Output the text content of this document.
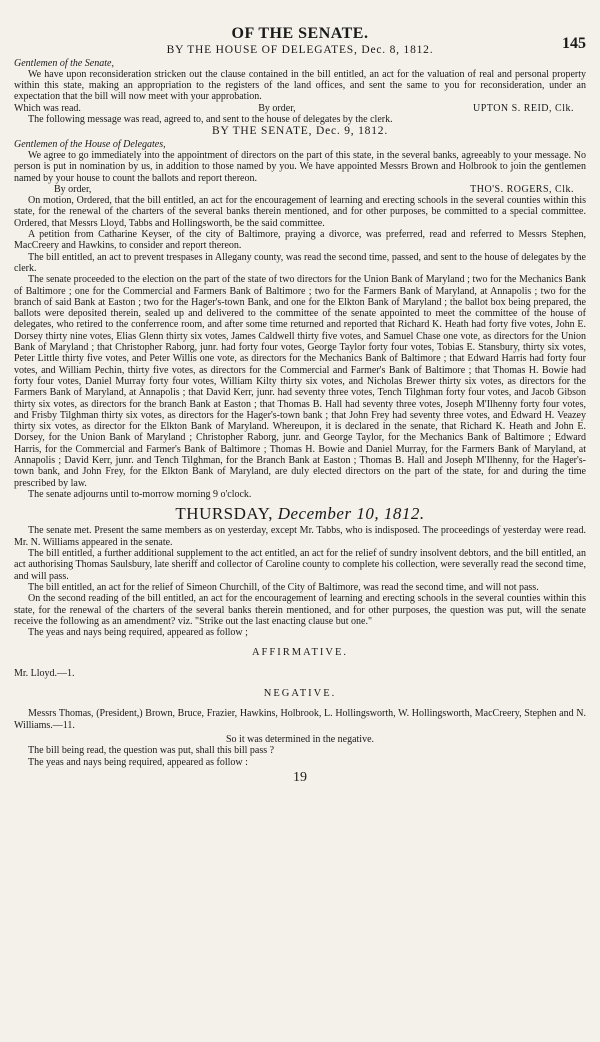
OF THE SENATE.
145
BY THE HOUSE OF DELEGATES, Dec. 8, 1812.
Gentlemen of the Senate,

We have upon reconsideration stricken out the clause contained in the bill entitled, an act for the valuation of real and personal property within this state, making an appropriation to the registers of the land offices, and sent the same to you for reconsideration, under an expectation that the bill will now meet with your approbation.

Which was read.	By order,	UPTON S. REID, Clk.

The following message was read, agreed to, and sent to the house of delegates by the clerk.

BY THE SENATE, Dec. 9, 1812.
Gentlemen of the House of Delegates,

We agree to go immediately into the appointment of directors on the part of this state, in the several banks, agreeably to your message. No person is put in nomination by us, in addition to those named by you. We have appointed Messrs Brown and Holbrook to join the gentlemen named by your house to count the ballots and report thereon.

By order,	THO'S. ROGERS, Clk.

On motion, Ordered, that the bill entitled, an act for the encouragement of learning and erecting schools in the several counties within this state, for the renewal of the charters of the several banks therein mentioned, and for other purposes, be committed to a special committee. Ordered, that Messrs Lloyd, Tabbs and Hollingsworth, be the said committee.

A petition from Catharine Keyser, of the city of Baltimore, praying a divorce, was preferred, read and referred to Messrs Stephen, MacCreery and Hawkins, to consider and report thereon.

The bill entitled, an act to prevent trespases in Allegany county, was read the second time, passed, and sent to the house of delegates by the clerk.

The senate proceeded to the election on the part of the state of two directors for the Union Bank of Maryland ; two for the Mechanics Bank of Baltimore ; one for the Commercial and Farmers Bank of Baltimore ; two for the Farmers Bank of Maryland, at Annapolis ; two for the branch of said Bank at Easton ; two for the Hager's-town Bank, and one for the Elkton Bank of Maryland ; the ballot box being prepared, the ballots were deposited therein, sealed up and delivered to the committee of the senate appointed to meet the committee of the house of delegates, who retired to the conferrence room, and after some time returned and reported that Richard K. Heath had forty five votes, John E. Dorsey thirty nine votes, Elias Glenn thirty six votes, James Caldwell thirty five votes, and Samuel Chase one vote, as directors for the Union Bank of Maryland ; that Christopher Raborg, junr. had forty four votes, George Taylor forty four votes, Tobias E. Stansbury, thirty six votes, Peter Little thirty five votes, and Peter Willis one vote, as directors for the Mechanics Bank of Baltimore ; that Edward Harris had forty four votes, and William Pechin, thirty five votes, as directors for the Commercial and Farmer's Bank of Baltimore ; that Thomas H. Bowie had forty four votes, Daniel Murray forty four votes, William Kilty thirty six votes, and Nicholas Brewer thirty six votes, as directors for the Farmers Bank of Maryland, at Annapolis ; that David Kerr, junr. had seventy three votes, Tench Tilghman forty four votes, and Jacob Gibson thirty six votes, as directors for the branch Bank at Easton ; that Thomas B. Hall had seventy three votes, Joseph M'Ilhenny forty four votes, and Frisby Tilghman thirty six votes, as directors for the Hager's-town bank ; that John Frey had seventy three votes, and Edward H. Veazey thirty six votes, as director for the Elkton Bank of Maryland. Whereupon, it is declared in the senate, that Richard K. Heath and John E. Dorsey, for the Union Bank of Maryland ; Christopher Raborg, junr. and George Taylor, for the Mechanics Bank of Baltimore ; Edward Harris, for the Commercial and Farmer's Bank of Baltimore ; Thomas H. Bowie and Daniel Murray, for the Farmers Bank of Maryland, at Annapolis ; David Kerr, junr. and Tench Tilghman, for the Branch Bank at Easton ; Thomas B. Hall and Joseph M'Ilhenny, for the Hager's-town bank, and John Frey, for the Elkton Bank of Maryland, are duly elected directors on the part of the state, for and during the time prescribed by law.

The senate adjourns until to-morrow morning 9 o'clock.

THURSDAY, December 10, 1812.

The senate met. Present the same members as on yesterday, except Mr. Tabbs, who is indisposed. The proceedings of yesterday were read. Mr. N. Williams appeared in the senate.

The bill entitled, a further additional supplement to the act entitled, an act for the relief of sundry insolvent debtors, and the bill entitled, an act authorising Thomas Saulsbury, late sheriff and collector of Caroline county to complete his collection, were severally read the second time, and will pass.

The bill entitled, an act for the relief of Simeon Churchill, of the City of Baltimore, was read the second time, and will not pass.

On the second reading of the bill entitled, an act for the encouragement of learning and erecting schools in the several counties within this state, for the renewal of the charters of the several banks therein mentioned, and for other purposes, the question was put, will the senate receive the following as an amendment? viz. "Strike out the last enacting clause but one."

The yeas and nays being required, appeared as follow ;

AFFIRMATIVE.

Mr. Lloyd.—1.

NEGATIVE.

Messrs Thomas, (President,) Brown, Bruce, Frazier, Hawkins, Holbrook, L. Hollingsworth, W. Hollingsworth, MacCreery, Stephen and N. Williams.—11.

So it was determined in the negative.

The bill being read, the question was put, shall this bill pass ?

The yeas and nays being required, appeared as follow :

19
